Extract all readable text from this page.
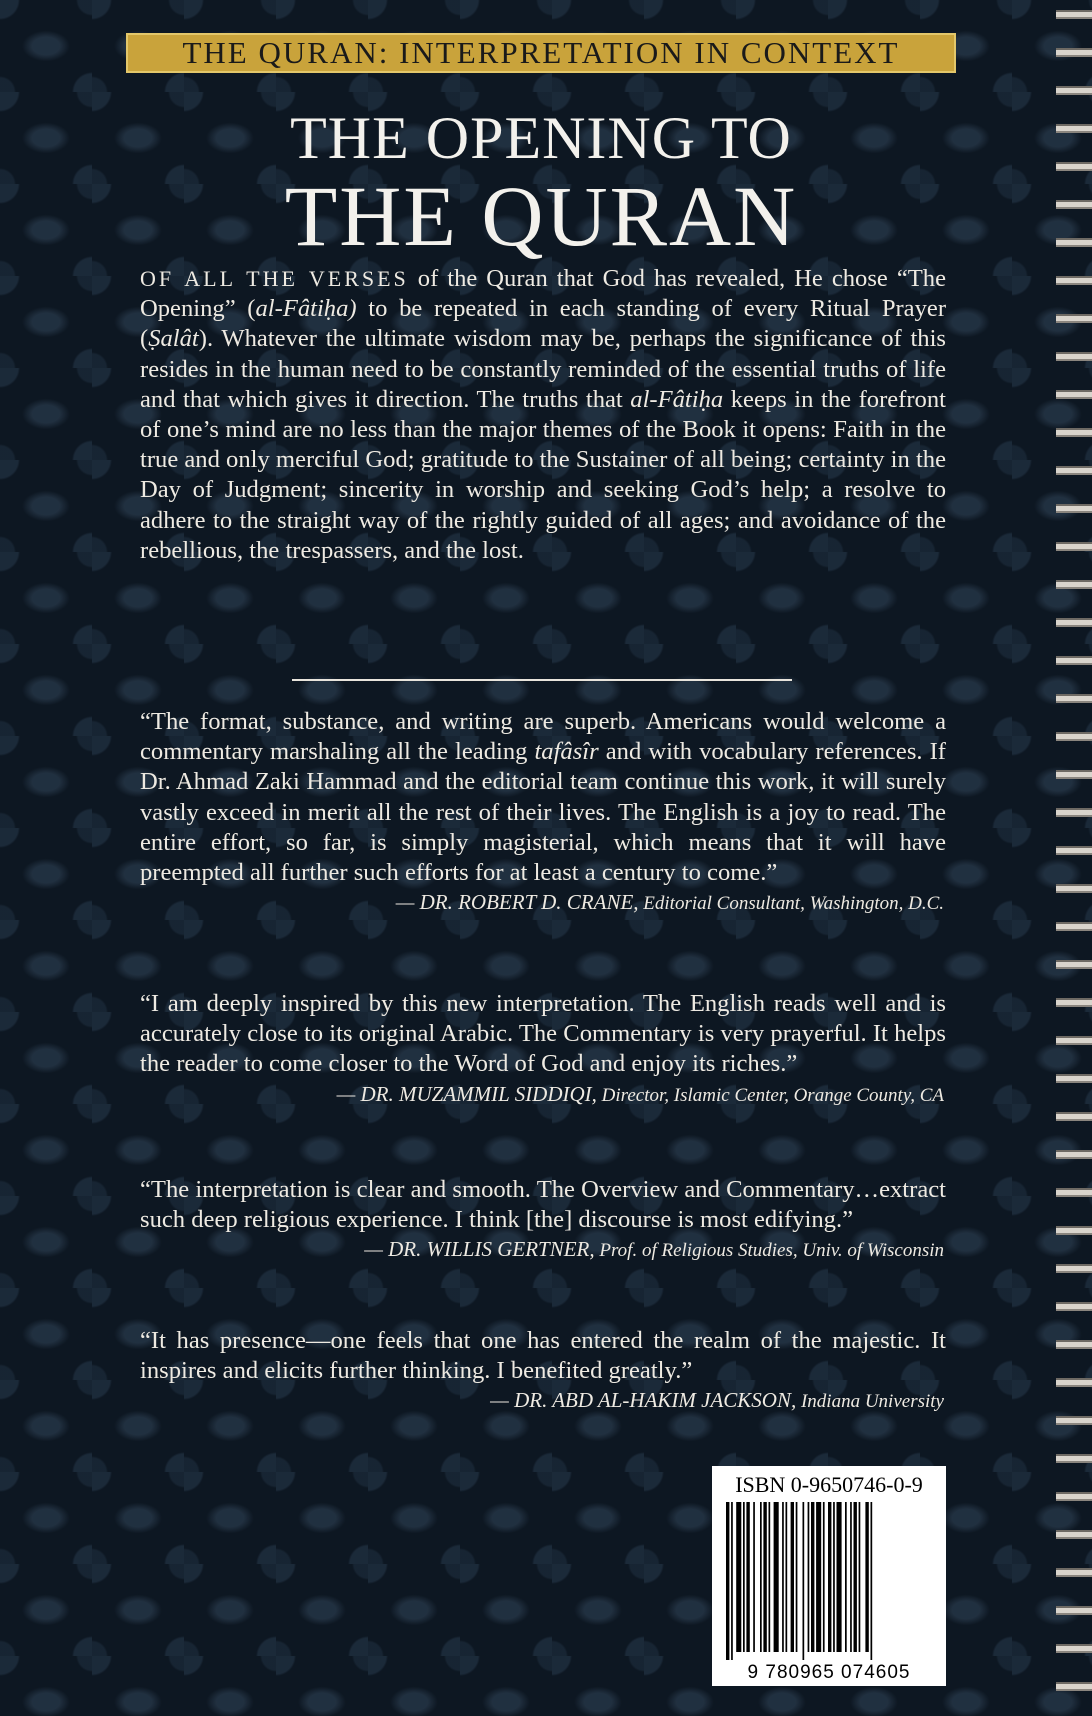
THE QURAN: INTERPRETATION IN CONTEXT
THE OPENING TO
THE QURAN
OF ALL THE VERSES of the Quran that God has revealed, He chose “The Opening” (al-Fâtiḥa) to be repeated in each standing of every Ritual Prayer (Ṣalât). Whatever the ultimate wisdom may be, perhaps the significance of this resides in the human need to be constantly reminded of the essential truths of life and that which gives it direction. The truths that al-Fâtiḥa keeps in the forefront of one’s mind are no less than the major themes of the Book it opens: Faith in the true and only merciful God; gratitude to the Sustainer of all being; certainty in the Day of Judgment; sincerity in worship and seeking God’s help; a resolve to adhere to the straight way of the rightly guided of all ages; and avoidance of the rebellious, the trespassers, and the lost.

“The format, substance, and writing are superb. Americans would welcome a commentary marshaling all the leading tafâsîr and with vocabulary references. If Dr. Ahmad Zaki Hammad and the editorial team continue this work, it will surely vastly exceed in merit all the rest of their lives. The English is a joy to read. The entire effort, so far, is simply magisterial, which means that it will have preempted all further such efforts for at least a century to come.”

— DR. ROBERT D. CRANE, Editorial Consultant, Washington, D.C.

“I am deeply inspired by this new interpretation. The English reads well and is accurately close to its original Arabic. The Commentary is very prayerful. It helps the reader to come closer to the Word of God and enjoy its riches.”

— DR. MUZAMMIL SIDDIQI, Director, Islamic Center, Orange County, CA

“The interpretation is clear and smooth. The Overview and Commentary…extract such deep religious experience. I think [the] discourse is most edifying.”

— DR. WILLIS GERTNER, Prof. of Religious Studies, Univ. of Wisconsin

“It has presence—one feels that one has entered the realm of the majestic. It inspires and elicits further thinking. I benefited greatly.”

— DR. ABD AL-HAKIM JACKSON, Indiana University

ISBN 0-9650746-0-9
9 780965 074605
